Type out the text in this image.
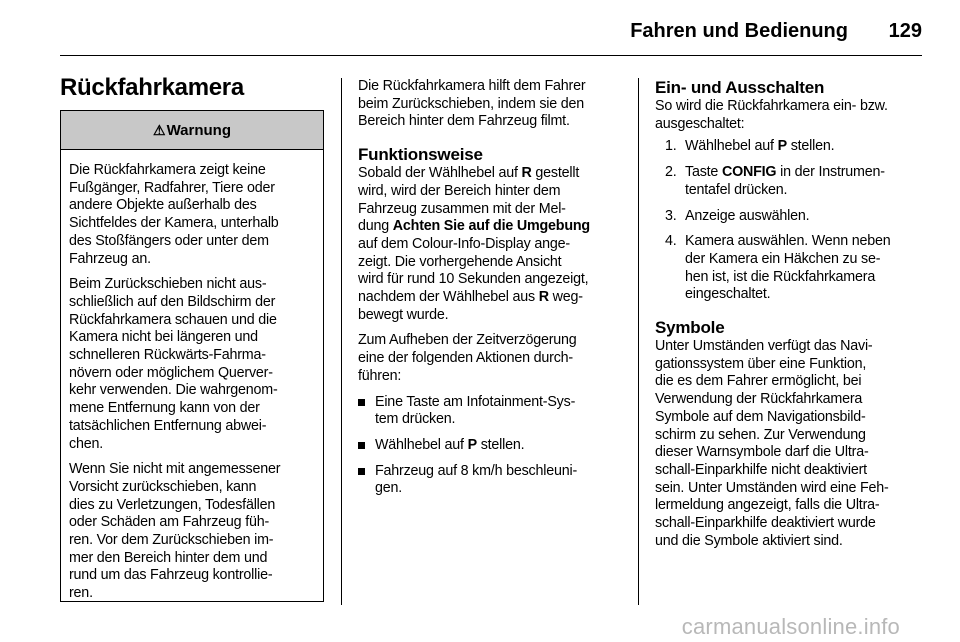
Fahren und Bedienung 129
Rückfahrkamera
⚠ Warnung

Die Rückfahrkamera zeigt keine
Fußgänger, Radfahrer, Tiere oder
andere Objekte außerhalb des
Sichtfeldes der Kamera, unterhalb
des Stoßfängers oder unter dem
Fahrzeug an.

Beim Zurückschieben nicht aus-
schließlich auf den Bildschirm der
Rückfahrkamera schauen und die
Kamera nicht bei längeren und
schnelleren Rückwärts-Fahrma-
növern oder möglichem Querver-
kehr verwenden. Die wahrgenom-
mene Entfernung kann von der
tatsächlichen Entfernung abwei-
chen.

Wenn Sie nicht mit angemessener
Vorsicht zurückschieben, kann
dies zu Verletzungen, Todesfällen
oder Schäden am Fahrzeug füh-
ren. Vor dem Zurückschieben im-
mer den Bereich hinter dem und
rund um das Fahrzeug kontrollie-
ren.

Die Rückfahrkamera hilft dem Fahrer
beim Zurückschieben, indem sie den
Bereich hinter dem Fahrzeug filmt.

Funktionsweise

Sobald der Wählhebel auf R gestellt
wird, wird der Bereich hinter dem
Fahrzeug zusammen mit der Mel-
dung Achten Sie auf die Umgebung
auf dem Colour-Info-Display ange-
zeigt. Die vorhergehende Ansicht
wird für rund 10 Sekunden angezeigt,
nachdem der Wählhebel aus R weg-
bewegt wurde.

Zum Aufheben der Zeitverzögerung
eine der folgenden Aktionen durch-
führen:

Eine Taste am Infotainment-Sys-
tem drücken.
Wählhebel auf P stellen.
Fahrzeug auf 8 km/h beschleuni-
gen.
Ein- und Ausschalten

So wird die Rückfahrkamera ein- bzw.
ausgeschaltet:

1. Wählhebel auf P stellen.
2. Taste CONFIG in der Instrumen-
tentafel drücken.
3. Anzeige auswählen.
4. Kamera auswählen. Wenn neben
der Kamera ein Häkchen zu se-
hen ist, ist die Rückfahrkamera
eingeschaltet.
Symbole

Unter Umständen verfügt das Navi-
gationssystem über eine Funktion,
die es dem Fahrer ermöglicht, bei
Verwendung der Rückfahrkamera
Symbole auf dem Navigationsbild-
schirm zu sehen. Zur Verwendung
dieser Warnsymbole darf die Ultra-
schall-Einparkhilfe nicht deaktiviert
sein. Unter Umständen wird eine Feh-
lermeldung angezeigt, falls die Ultra-
schall-Einparkhilfe deaktiviert wurde
und die Symbole aktiviert sind.

carmanualsonline.info
